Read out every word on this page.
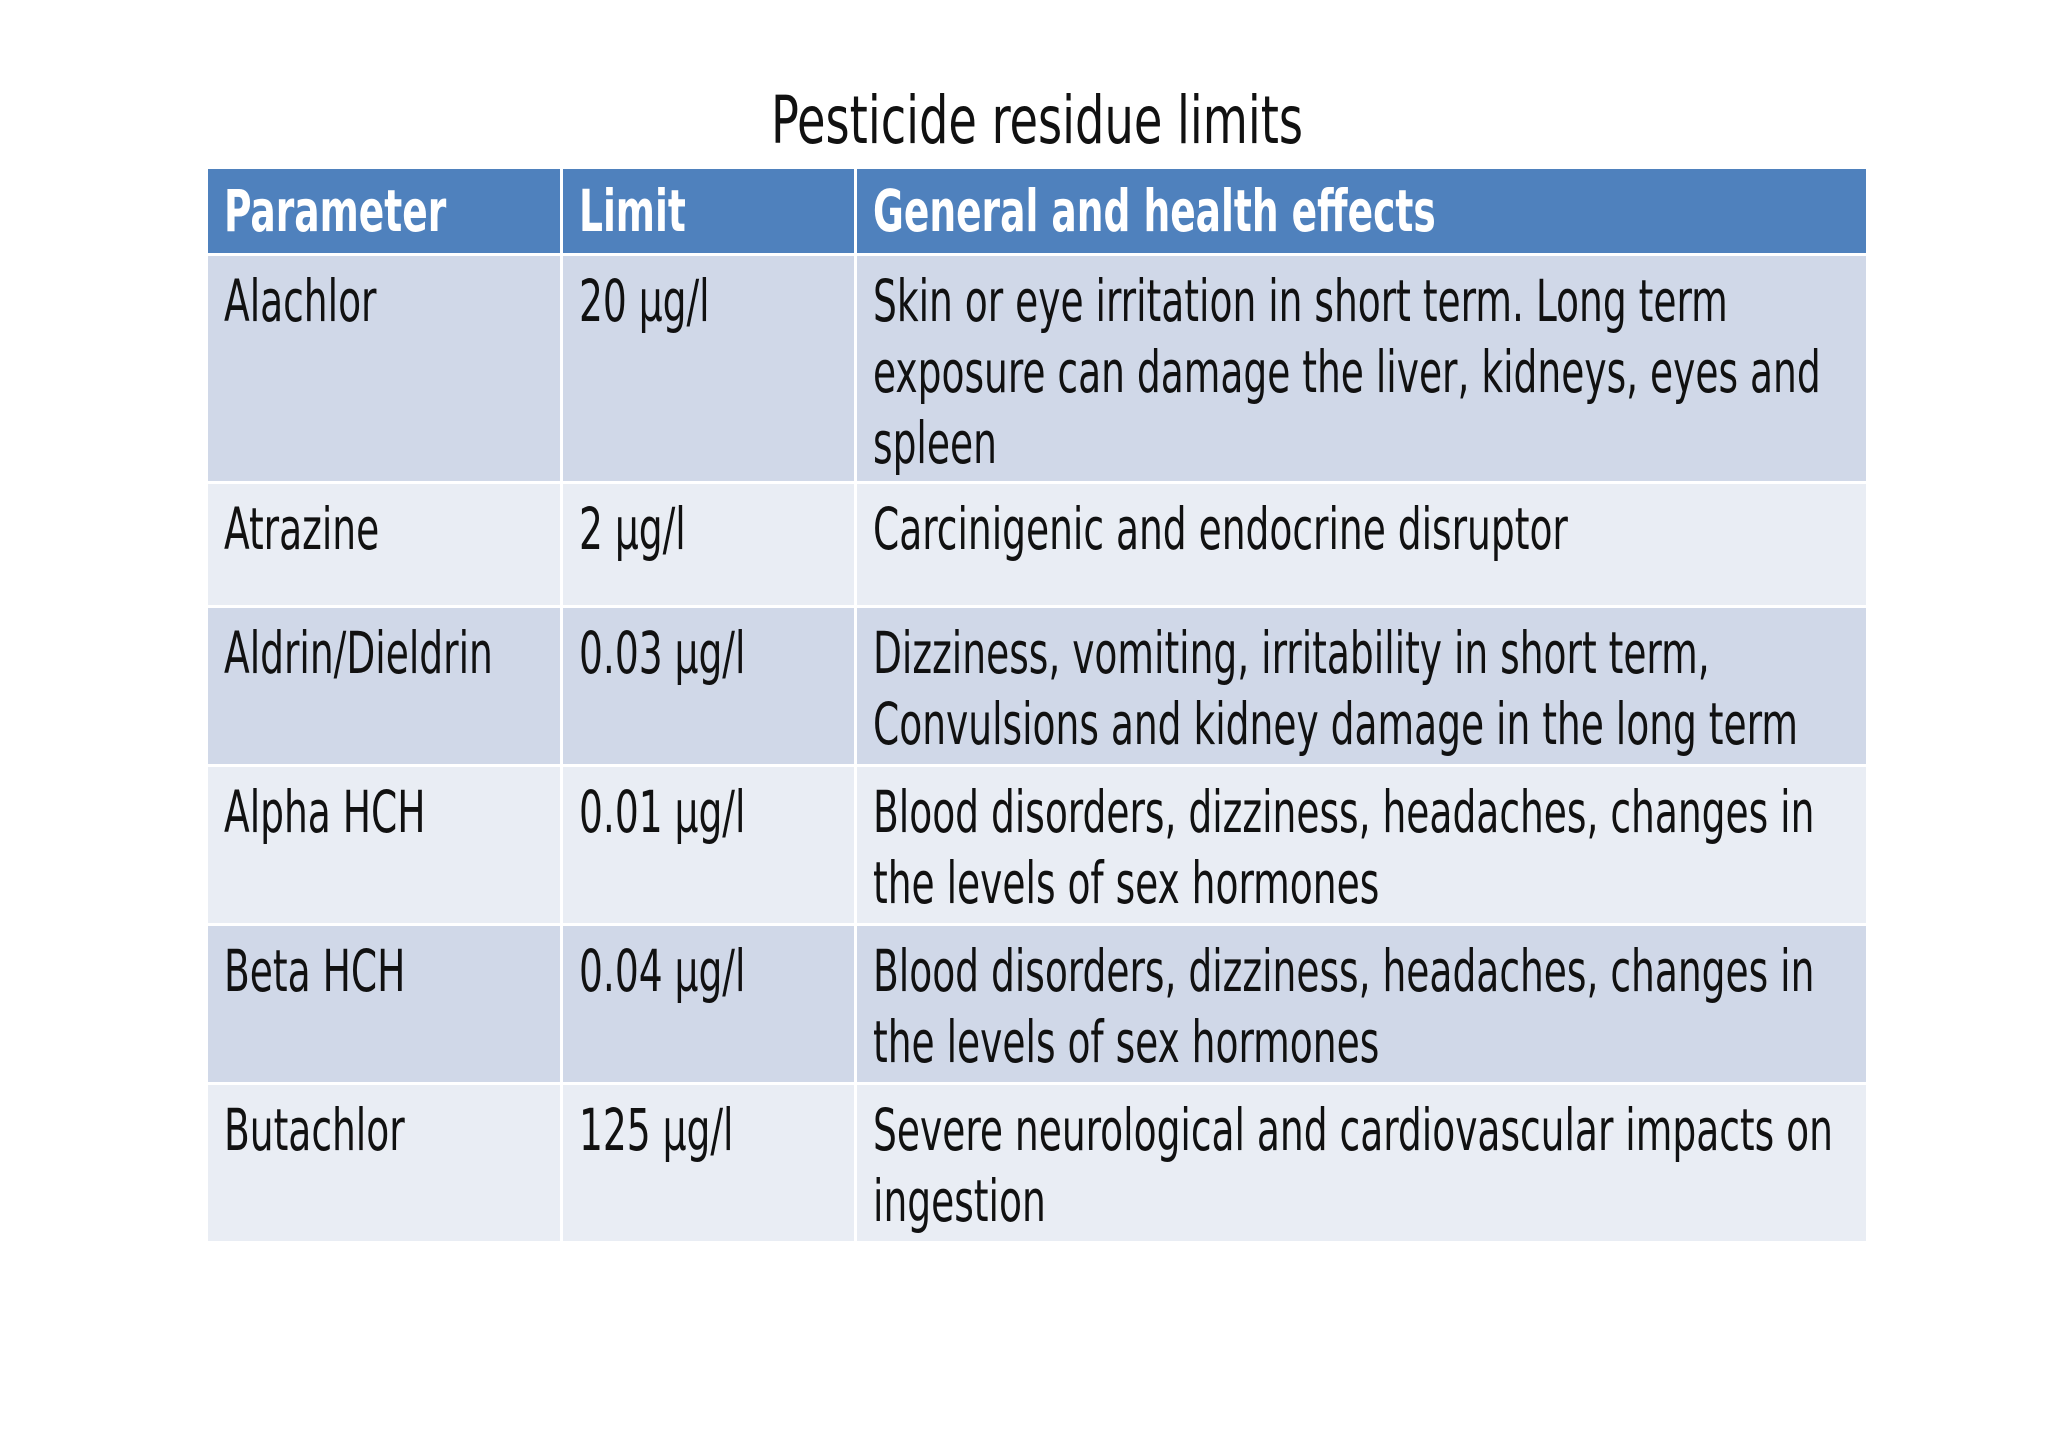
Pesticide residue limits
Parameter	Limit	General and health effects

Alachlor	20 µg/l	Skin or eye irritation in short term. Long term exposure can damage the liver, kidneys, eyes and spleen

Atrazine	2 µg/l	Carcinigenic and endocrine disruptor

Aldrin/Dieldrin	0.03 µg/l	Dizziness, vomiting, irritability in short term, Convulsions and kidney damage in the long term

Alpha HCH	0.01 µg/l	Blood disorders, dizziness, headaches, changes in the levels of sex hormones

Beta HCH	0.04 µg/l	Blood disorders, dizziness, headaches, changes in the levels of sex hormones

Butachlor	125 µg/l	Severe neurological and cardiovascular impacts on ingestion
